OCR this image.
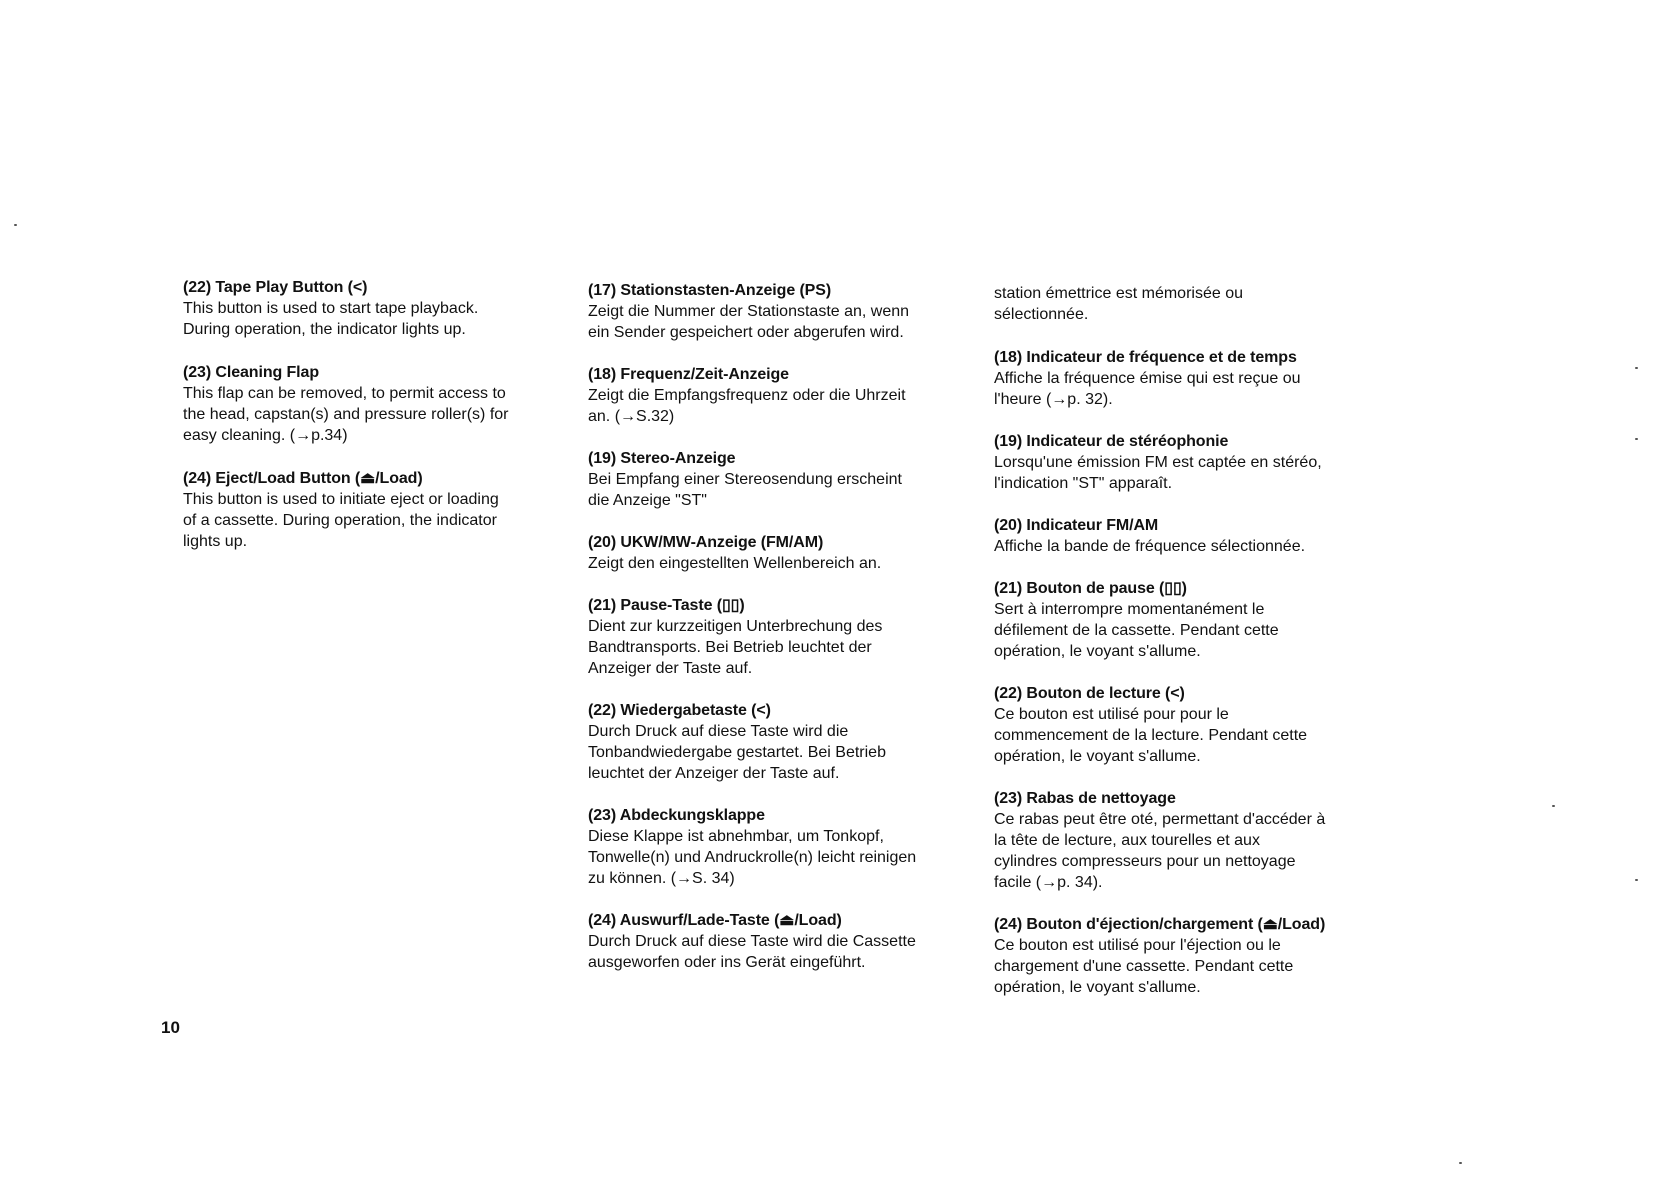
(22) Tape Play Button (<)
This button is used to start tape playback.
During operation, the indicator lights up.
(23) Cleaning Flap
This flap can be removed, to permit access to
the head, capstan(s) and pressure roller(s) for
easy cleaning. (→p.34)
(24) Eject/Load Button (⏏/Load)
This button is used to initiate eject or loading
of a cassette. During operation, the indicator
lights up.
(17) Stationstasten-Anzeige (PS)
Zeigt die Nummer der Stationstaste an, wenn
ein Sender gespeichert oder abgerufen wird.
(18) Frequenz/Zeit-Anzeige
Zeigt die Empfangsfrequenz oder die Uhrzeit
an. (→S.32)
(19) Stereo-Anzeige
Bei Empfang einer Stereosendung erscheint
die Anzeige "ST"
(20) UKW/MW-Anzeige (FM/AM)
Zeigt den eingestellten Wellenbereich an.
(21) Pause-Taste (▯▯)
Dient zur kurzzeitigen Unterbrechung des
Bandtransports. Bei Betrieb leuchtet der
Anzeiger der Taste auf.
(22) Wiedergabetaste (<)
Durch Druck auf diese Taste wird die
Tonbandwiedergabe gestartet. Bei Betrieb
leuchtet der Anzeiger der Taste auf.
(23) Abdeckungsklappe
Diese Klappe ist abnehmbar, um Tonkopf,
Tonwelle(n) und Andruckrolle(n) leicht reinigen
zu können. (→S. 34)
(24) Auswurf/Lade-Taste (⏏/Load)
Durch Druck auf diese Taste wird die Cassette
ausgeworfen oder ins Gerät eingeführt.
station émettrice est mémorisée ou
sélectionnée.
(18) Indicateur de fréquence et de temps
Affiche la fréquence émise qui est reçue ou
l'heure (→p. 32).
(19) Indicateur de stéréophonie
Lorsqu'une émission FM est captée en stéréo,
l'indication "ST" apparaît.
(20) Indicateur FM/AM
Affiche la bande de fréquence sélectionnée.
(21) Bouton de pause (▯▯)
Sert à interrompre momentanément le
défilement de la cassette. Pendant cette
opération, le voyant s'allume.
(22) Bouton de lecture (<)
Ce bouton est utilisé pour pour le
commencement de la lecture. Pendant cette
opération, le voyant s'allume.
(23) Rabas de nettoyage
Ce rabas peut être oté, permettant d'accéder à
la tête de lecture, aux tourelles et aux
cylindres compresseurs pour un nettoyage
facile (→p. 34).
(24) Bouton d'éjection/chargement (⏏/Load)
Ce bouton est utilisé pour l'éjection ou le
chargement d'une cassette. Pendant cette
opération, le voyant s'allume.
10
